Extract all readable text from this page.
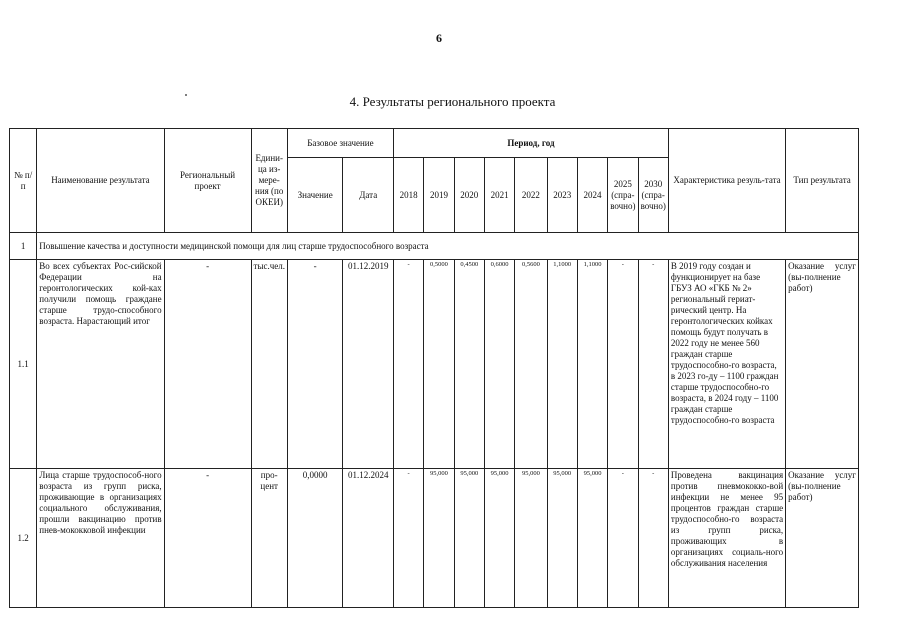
6
4. Результаты регионального проекта
№ п/п	Наименование результата	Региональный проект	Едини-ца из-мере-ния (по ОКЕИ)	Базовое значение		Период, год									Характеристика резуль-тата	Тип результата
				Значение	Дата	2018	2019	2020	2021	2022	2023	2024	2025 (спра-вочно)	2030 (спра-вочно)		
1	Повышение качества и доступности медицинской помощи для лиц старше трудоспособного возраста															
1.1	Во всех субъектах Рос-сийской Федерации на геронтологических кой-ках получили помощь граждане старше трудо-способного возраста. Нарастающий итог	-	тыс.чел.	-	01.12.2019	-	0,5000	0,4500	0,6000	0,5600	1,1000	1,1000	-	-	В 2019 году создан и функционирует на базе ГБУЗ АО «ГКБ № 2» региональный гериат-рический центр. На геронтологических койках помощь будут получать в 2022 году не менее 560 граждан старше трудоспособно-го возраста, в 2023 го-ду – 1100 граждан старше трудоспособно-го возраста, в 2024 году – 1100 граждан старше трудоспособно-го возраста	Оказание услуг (вы-полнение работ)
1.2	Лица старше трудоспособ-ного возраста из групп риска, проживающие в организациях социального обслуживания, прошли вакцинацию против пнев-мококковой инфекции	-	про-цент	0,0000	01.12.2024	-	95,000	95,000	95,000	95,000	95,000	95,000	-	-	Проведена вакцинация против пневмококко-вой инфекции не менее 95 процентов граждан старше трудоспособно-го возраста из групп риска, проживающих в организациях социаль-ного обслуживания населения	Оказание услуг (вы-полнение работ)
